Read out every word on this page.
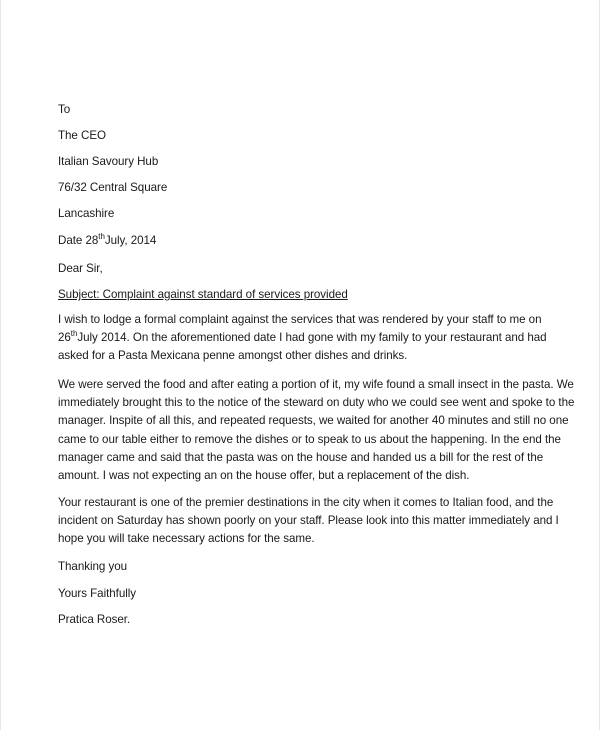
To
The CEO
Italian Savoury Hub
76/32 Central Square
Lancashire
Date 28thJuly, 2014
Dear Sir,
Subject: Complaint against standard of services provided
I wish to lodge a formal complaint against the services that was rendered by your staff to me on
26thJuly 2014. On the aforementioned date I had gone with my family to your restaurant and had
asked for a Pasta Mexicana penne amongst other dishes and drinks.
We were served the food and after eating a portion of it, my wife found a small insect in the pasta. We
immediately brought this to the notice of the steward on duty who we could see went and spoke to the
manager. Inspite of all this, and repeated requests, we waited for another 40 minutes and still no one
came to our table either to remove the dishes or to speak to us about the happening. In the end the
manager came and said that the pasta was on the house and handed us a bill for the rest of the
amount. I was not expecting an on the house offer, but a replacement of the dish.
Your restaurant is one of the premier destinations in the city when it comes to Italian food, and the
incident on Saturday has shown poorly on your staff. Please look into this matter immediately and I
hope you will take necessary actions for the same.
Thanking you
Yours Faithfully
Pratica Roser.
